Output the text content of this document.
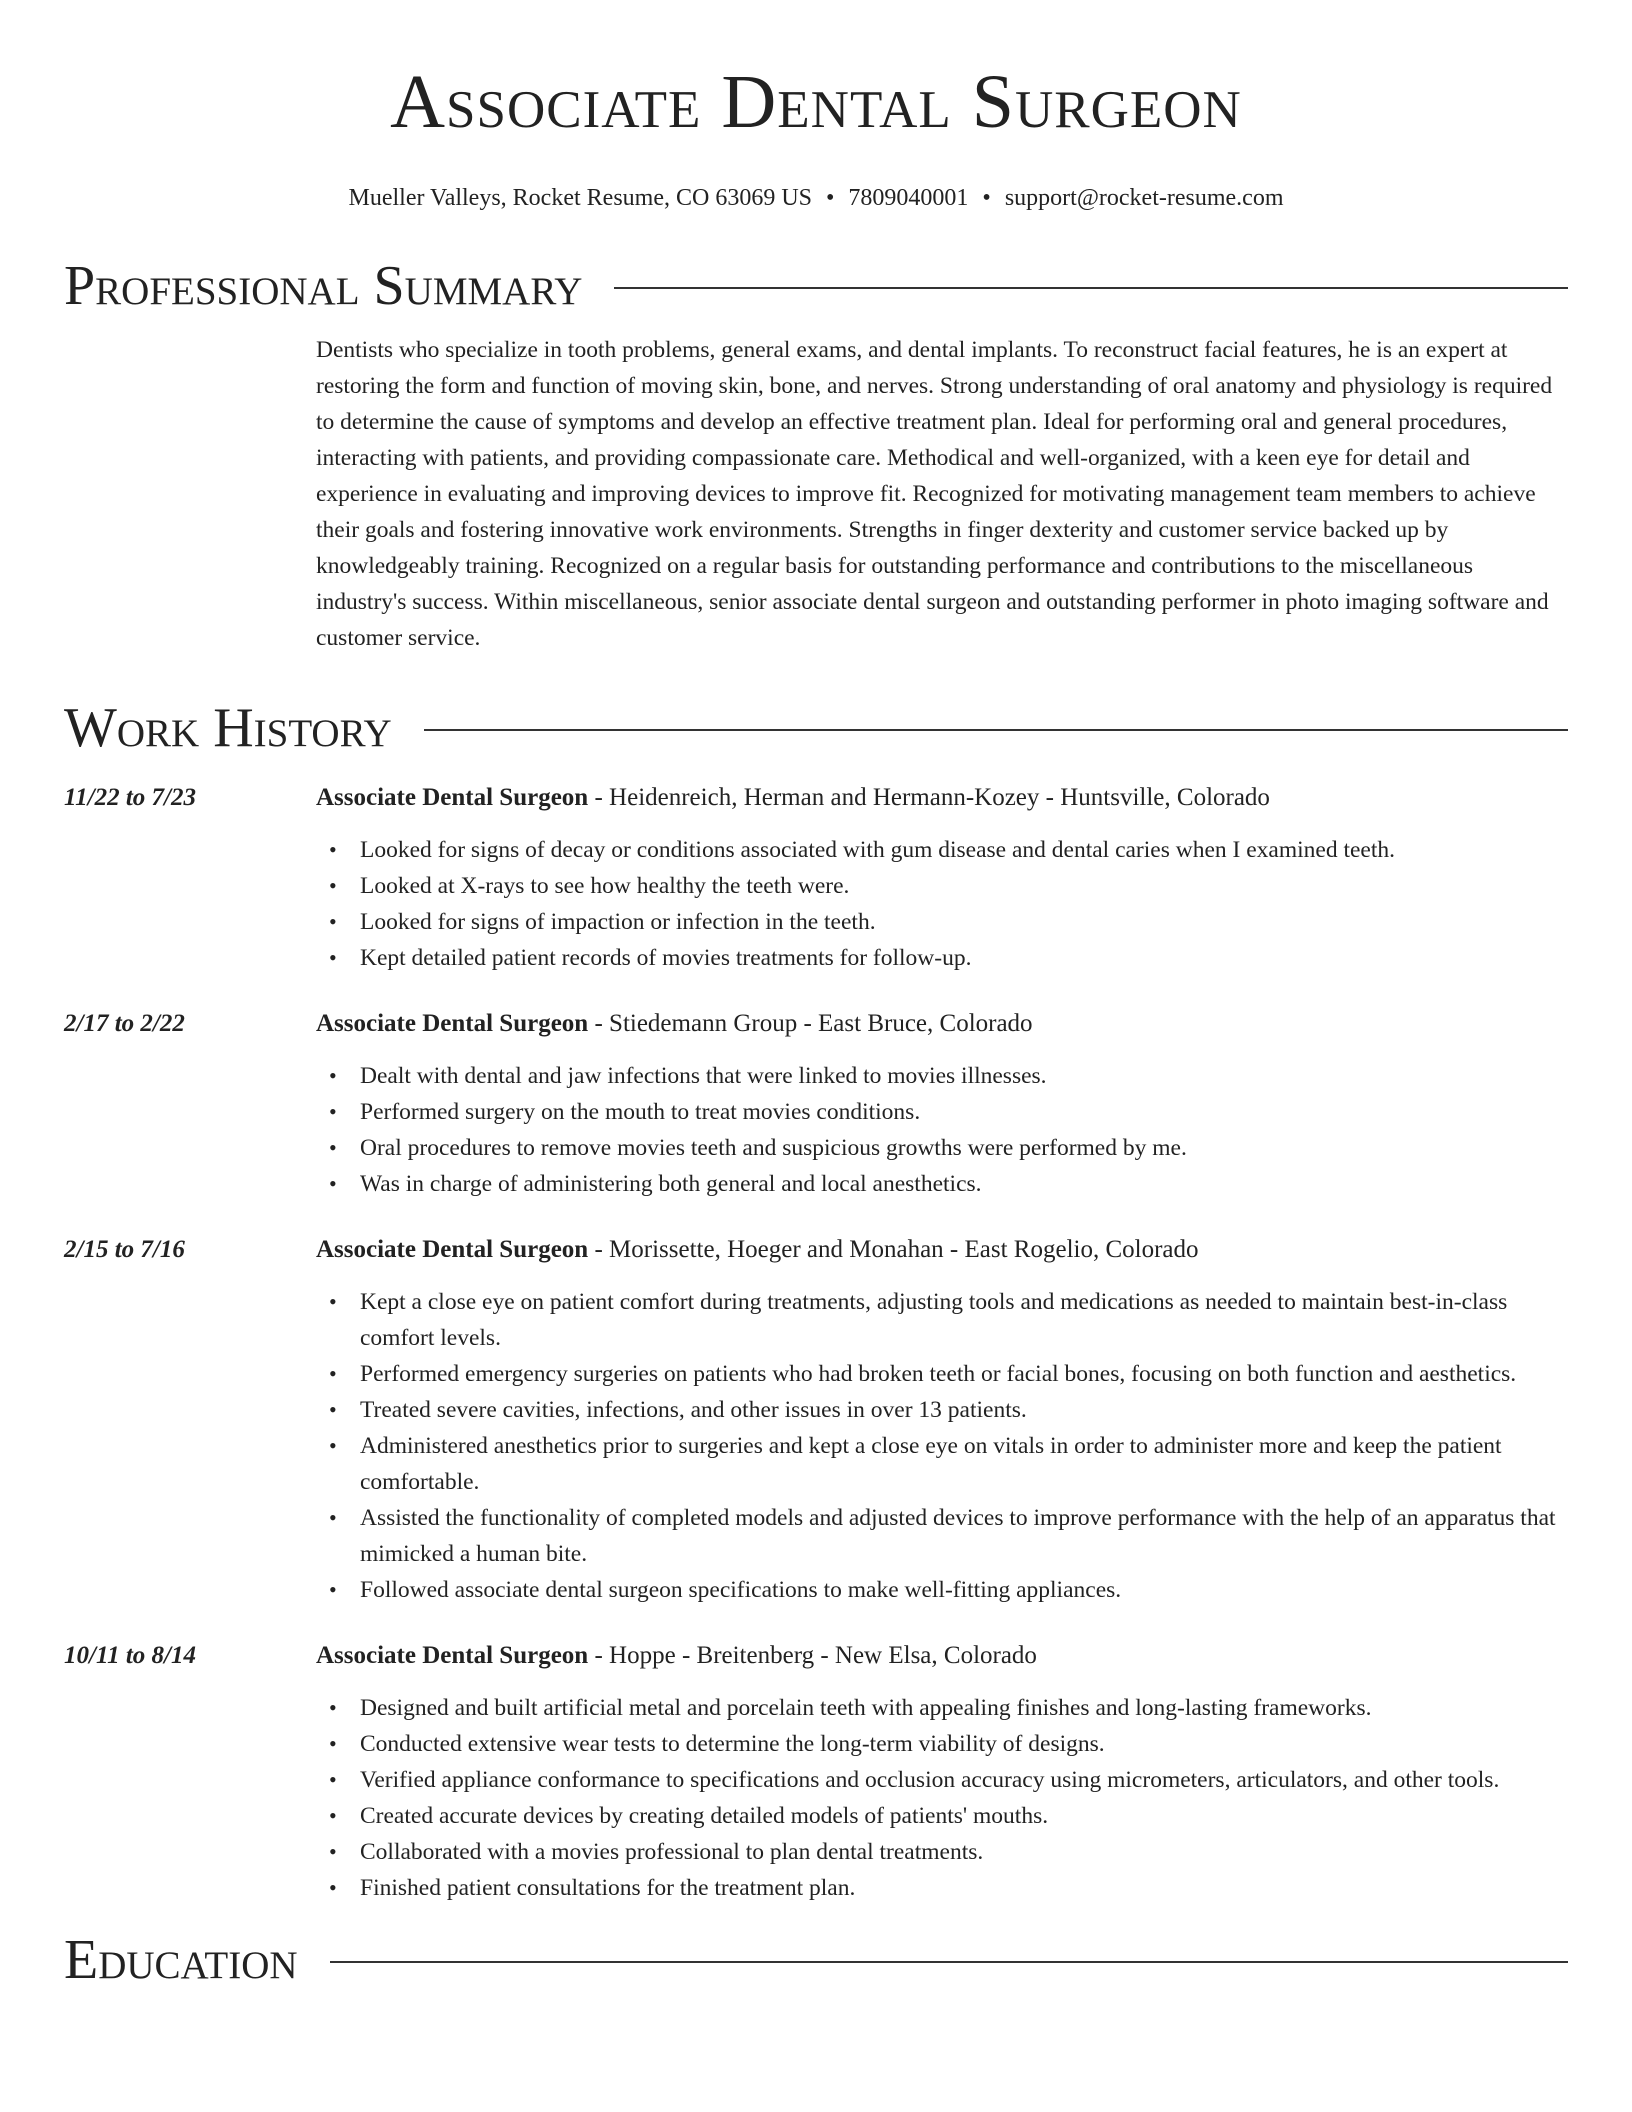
Associate Dental Surgeon
Mueller Valleys, Rocket Resume, CO 63069 US • 7809040001 • support@rocket-resume.com
Professional Summary
Dentists who specialize in tooth problems, general exams, and dental implants. To reconstruct facial features, he is an expert at restoring the form and function of moving skin, bone, and nerves. Strong understanding of oral anatomy and physiology is required to determine the cause of symptoms and develop an effective treatment plan. Ideal for performing oral and general procedures, interacting with patients, and providing compassionate care. Methodical and well-organized, with a keen eye for detail and experience in evaluating and improving devices to improve fit. Recognized for motivating management team members to achieve their goals and fostering innovative work environments. Strengths in finger dexterity and customer service backed up by knowledgeably training. Recognized on a regular basis for outstanding performance and contributions to the miscellaneous industry's success. Within miscellaneous, senior associate dental surgeon and outstanding performer in photo imaging software and customer service.
Work History
11/22 to 7/23	Associate Dental Surgeon - Heidenreich, Herman and Hermann-Kozey - Huntsville, Colorado
• Looked for signs of decay or conditions associated with gum disease and dental caries when I examined teeth.
• Looked at X-rays to see how healthy the teeth were.
• Looked for signs of impaction or infection in the teeth.
• Kept detailed patient records of movies treatments for follow-up.
2/17 to 2/22	Associate Dental Surgeon - Stiedemann Group - East Bruce, Colorado
• Dealt with dental and jaw infections that were linked to movies illnesses.
• Performed surgery on the mouth to treat movies conditions.
• Oral procedures to remove movies teeth and suspicious growths were performed by me.
• Was in charge of administering both general and local anesthetics.
2/15 to 7/16	Associate Dental Surgeon - Morissette, Hoeger and Monahan - East Rogelio, Colorado
• Kept a close eye on patient comfort during treatments, adjusting tools and medications as needed to maintain best-in-class comfort levels.
• Performed emergency surgeries on patients who had broken teeth or facial bones, focusing on both function and aesthetics.
• Treated severe cavities, infections, and other issues in over 13 patients.
• Administered anesthetics prior to surgeries and kept a close eye on vitals in order to administer more and keep the patient comfortable.
• Assisted the functionality of completed models and adjusted devices to improve performance with the help of an apparatus that mimicked a human bite.
• Followed associate dental surgeon specifications to make well-fitting appliances.
10/11 to 8/14	Associate Dental Surgeon - Hoppe - Breitenberg - New Elsa, Colorado
• Designed and built artificial metal and porcelain teeth with appealing finishes and long-lasting frameworks.
• Conducted extensive wear tests to determine the long-term viability of designs.
• Verified appliance conformance to specifications and occlusion accuracy using micrometers, articulators, and other tools.
• Created accurate devices by creating detailed models of patients' mouths.
• Collaborated with a movies professional to plan dental treatments.
• Finished patient consultations for the treatment plan.
Education
